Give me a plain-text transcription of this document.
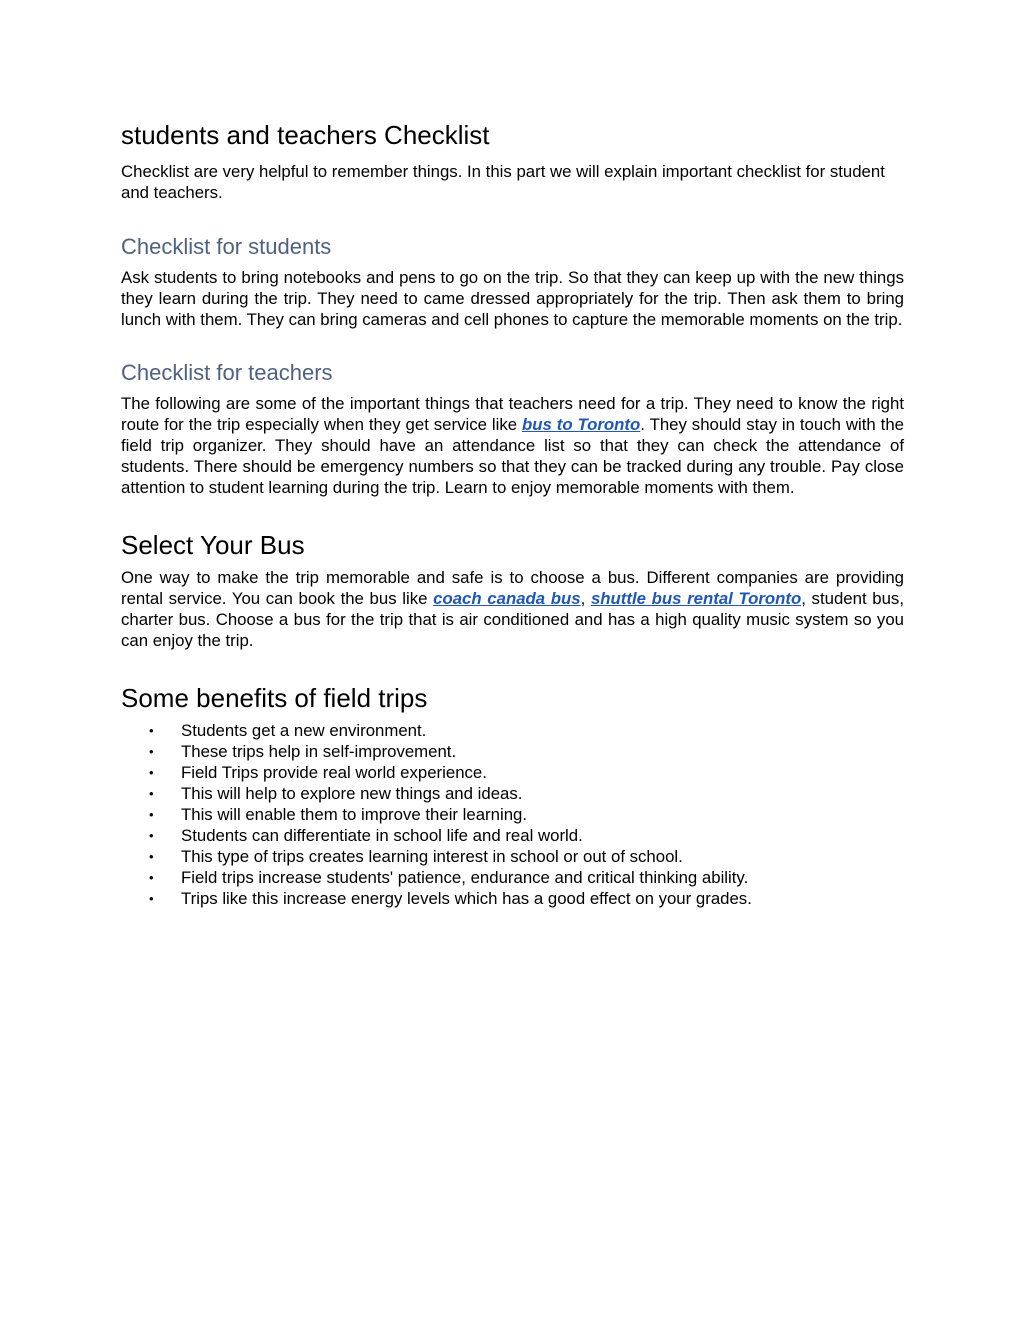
students and teachers Checklist

Checklist are very helpful to remember things. In this part we will explain important checklist for student and teachers.

Checklist for students

Ask students to bring notebooks and pens to go on the trip. So that they can keep up with the new things they learn during the trip. They need to came dressed appropriately for the trip. Then ask them to bring lunch with them. They can bring cameras and cell phones to capture the memorable moments on the trip.

Checklist for teachers

The following are some of the important things that teachers need for a trip. They need to know the right route for the trip especially when they get service like bus to Toronto. They should stay in touch with the field trip organizer. They should have an attendance list so that they can check the attendance of students. There should be emergency numbers so that they can be tracked during any trouble. Pay close attention to student learning during the trip. Learn to enjoy memorable moments with them.

Select Your Bus

One way to make the trip memorable and safe is to choose a bus. Different companies are providing rental service. You can book the bus like coach canada bus, shuttle bus rental Toronto, student bus, charter bus. Choose a bus for the trip that is air conditioned and has a high quality music system so you can enjoy the trip.

Some benefits of field trips
• Students get a new environment.
• These trips help in self-improvement.
• Field Trips provide real world experience.
• This will help to explore new things and ideas.
• This will enable them to improve their learning.
• Students can differentiate in school life and real world.
• This type of trips creates learning interest in school or out of school.
• Field trips increase students' patience, endurance and critical thinking ability.
• Trips like this increase energy levels which has a good effect on your grades.
